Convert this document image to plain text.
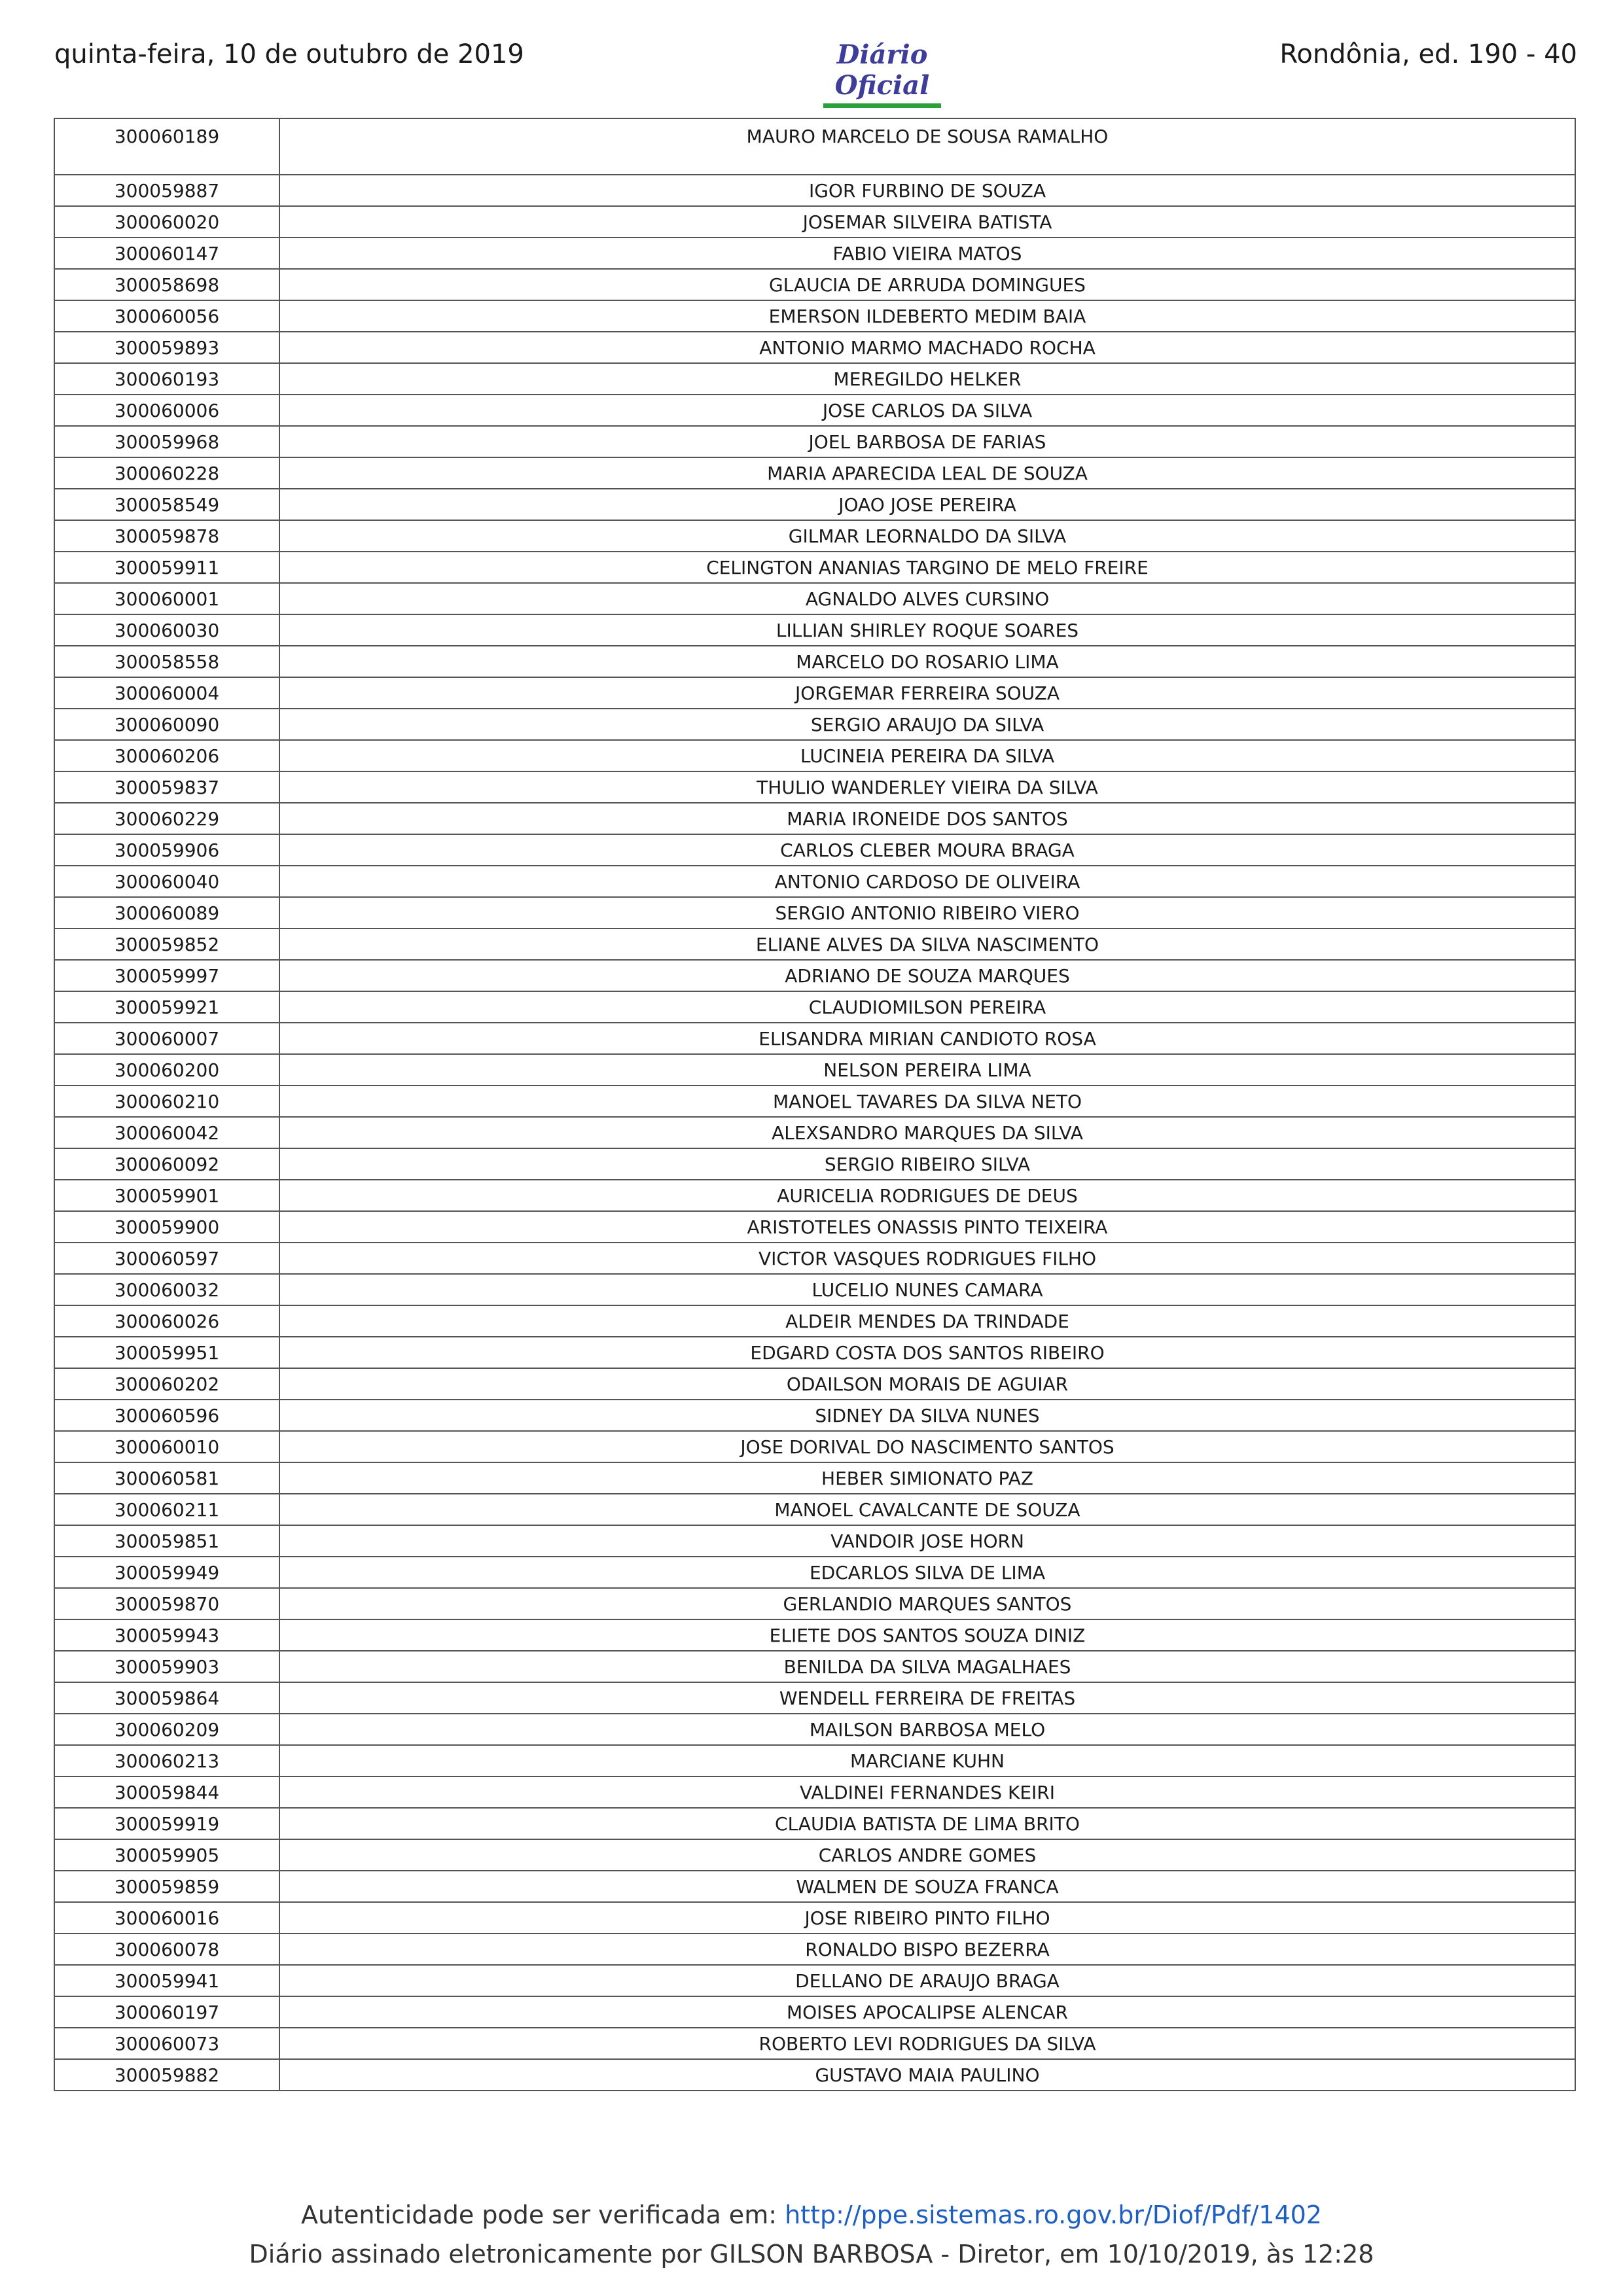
quinta-feira, 10 de outubro de 2019	Diário Oficial
Rondônia, ed. 190 - 40
300060189	MAURO MARCELO DE SOUSA RAMALHO
300059887	IGOR FURBINO DE SOUZA
300060020	JOSEMAR SILVEIRA BATISTA
300060147	FABIO VIEIRA MATOS
300058698	GLAUCIA DE ARRUDA DOMINGUES
300060056	EMERSON ILDEBERTO MEDIM BAIA
300059893	ANTONIO MARMO MACHADO ROCHA
300060193	MEREGILDO HELKER
300060006	JOSE CARLOS DA SILVA
300059968	JOEL BARBOSA DE FARIAS
300060228	MARIA APARECIDA LEAL DE SOUZA
300058549	JOAO JOSE PEREIRA
300059878	GILMAR LEORNALDO DA SILVA
300059911	CELINGTON ANANIAS TARGINO DE MELO FREIRE
300060001	AGNALDO ALVES CURSINO
300060030	LILLIAN SHIRLEY ROQUE SOARES
300058558	MARCELO DO ROSARIO LIMA
300060004	JORGEMAR FERREIRA SOUZA
300060090	SERGIO ARAUJO DA SILVA
300060206	LUCINEIA PEREIRA DA SILVA
300059837	THULIO WANDERLEY VIEIRA DA SILVA
300060229	MARIA IRONEIDE DOS SANTOS
300059906	CARLOS CLEBER MOURA BRAGA
300060040	ANTONIO CARDOSO DE OLIVEIRA
300060089	SERGIO ANTONIO RIBEIRO VIERO
300059852	ELIANE ALVES DA SILVA NASCIMENTO
300059997	ADRIANO DE SOUZA MARQUES
300059921	CLAUDIOMILSON PEREIRA
300060007	ELISANDRA MIRIAN CANDIOTO ROSA
300060200	NELSON PEREIRA LIMA
300060210	MANOEL TAVARES DA SILVA NETO
300060042	ALEXSANDRO MARQUES DA SILVA
300060092	SERGIO RIBEIRO SILVA
300059901	AURICELIA RODRIGUES DE DEUS
300059900	ARISTOTELES ONASSIS PINTO TEIXEIRA
300060597	VICTOR VASQUES RODRIGUES FILHO
300060032	LUCELIO NUNES CAMARA
300060026	ALDEIR MENDES DA TRINDADE
300059951	EDGARD COSTA DOS SANTOS RIBEIRO
300060202	ODAILSON MORAIS DE AGUIAR
300060596	SIDNEY DA SILVA NUNES
300060010	JOSE DORIVAL DO NASCIMENTO SANTOS
300060581	HEBER SIMIONATO PAZ
300060211	MANOEL CAVALCANTE DE SOUZA
300059851	VANDOIR JOSE HORN
300059949	EDCARLOS SILVA DE LIMA
300059870	GERLANDIO MARQUES SANTOS
300059943	ELIETE DOS SANTOS SOUZA DINIZ
300059903	BENILDA DA SILVA MAGALHAES
300059864	WENDELL FERREIRA DE FREITAS
300060209	MAILSON BARBOSA MELO
300060213	MARCIANE KUHN
300059844	VALDINEI FERNANDES KEIRI
300059919	CLAUDIA BATISTA DE LIMA BRITO
300059905	CARLOS ANDRE GOMES
300059859	WALMEN DE SOUZA FRANCA
300060016	JOSE RIBEIRO PINTO FILHO
300060078	RONALDO BISPO BEZERRA
300059941	DELLANO DE ARAUJO BRAGA
300060197	MOISES APOCALIPSE ALENCAR
300060073	ROBERTO LEVI RODRIGUES DA SILVA
300059882	GUSTAVO MAIA PAULINO
Autenticidade pode ser verificada em: http://ppe.sistemas.ro.gov.br/Diof/Pdf/1402
Diário assinado eletronicamente por GILSON BARBOSA - Diretor, em 10/10/2019, às 12:28
